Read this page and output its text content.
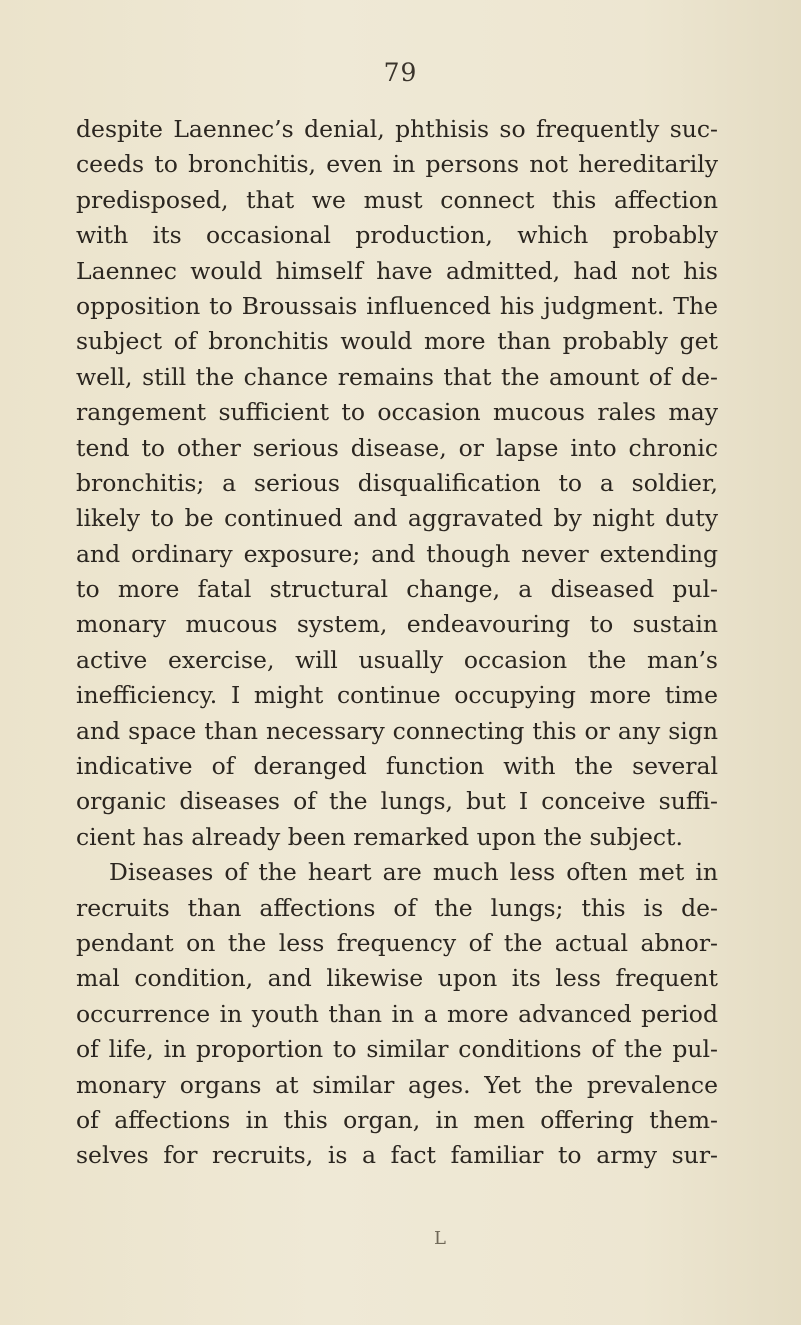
79
despite Laennec’s denial, phthisis so frequently suc-
ceeds to bronchitis, even in persons not hereditarily
predisposed, that we must connect this affection
with its occasional production, which probably
Laennec would himself have admitted, had not his
opposition to Broussais influenced his judgment. The
subject of bronchitis would more than probably get
well, still the chance remains that the amount of de-
rangement sufficient to occasion mucous rales may
tend to other serious disease, or lapse into chronic
bronchitis; a serious disqualification to a soldier,
likely to be continued and aggravated by night duty
and ordinary exposure; and though never extending
to more fatal structural change, a diseased pul-
monary mucous system, endeavouring to sustain
active exercise, will usually occasion the man’s
inefficiency. I might continue occupying more time
and space than necessary connecting this or any sign
indicative of deranged function with the several
organic diseases of the lungs, but I conceive suffi-
cient has already been remarked upon the subject.
Diseases of the heart are much less often met in
recruits than affections of the lungs; this is de-
pendant on the less frequency of the actual abnor-
mal condition, and likewise upon its less frequent
occurrence in youth than in a more advanced period
of life, in proportion to similar conditions of the pul-
monary organs at similar ages. Yet the prevalence
of affections in this organ, in men offering them-
selves for recruits, is a fact familiar to army sur-
L
